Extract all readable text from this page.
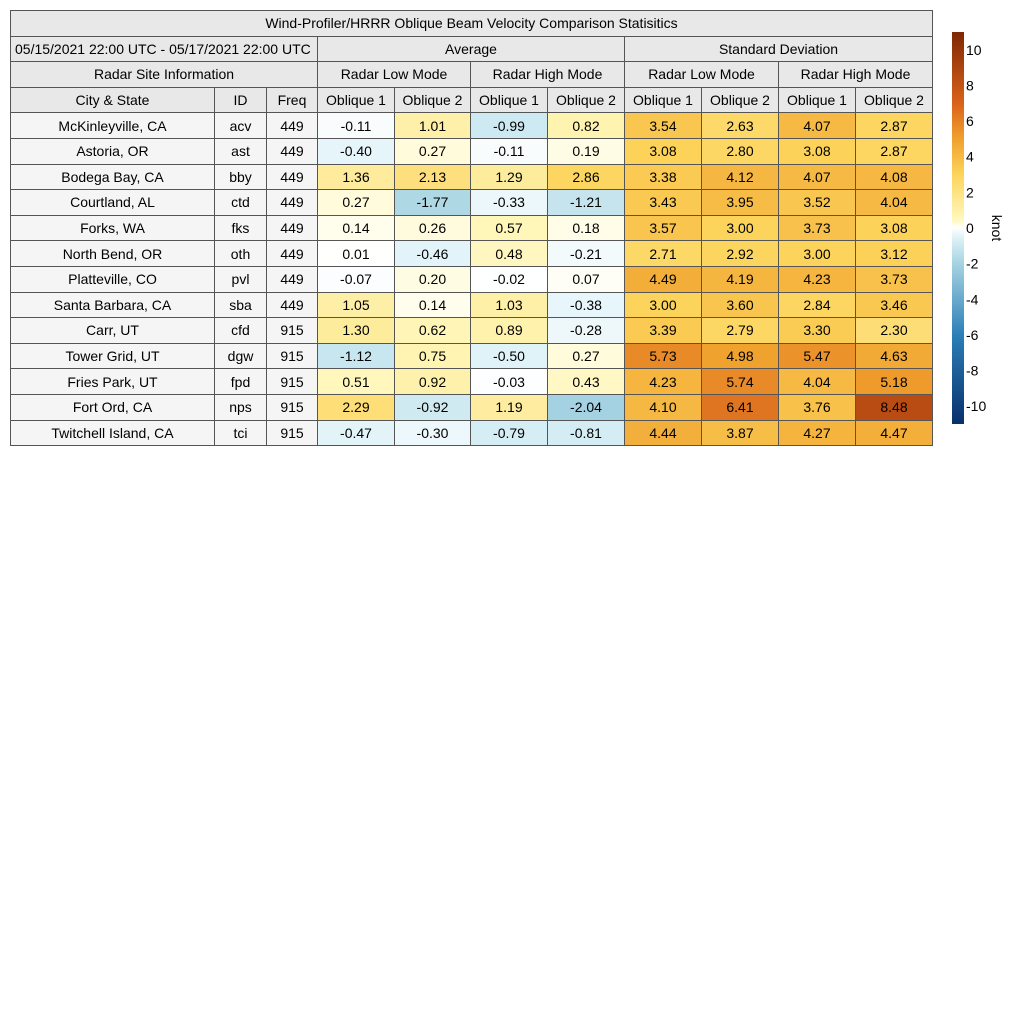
Wind-Profiler/HRRR Oblique Beam Velocity Comparison Statisitics										
05/15/2021 22:00 UTC - 05/17/2021 22:00 UTC			Average				Standard Deviation			
Radar Site Information			Radar Low Mode		Radar High Mode		Radar Low Mode		Radar High Mode	
City & State	ID	Freq	Oblique 1	Oblique 2	Oblique 1	Oblique 2	Oblique 1	Oblique 2	Oblique 1	Oblique 2
McKinleyville, CA	acv	449	-0.11	1.01	-0.99	0.82	3.54	2.63	4.07	2.87
Astoria, OR	ast	449	-0.40	0.27	-0.11	0.19	3.08	2.80	3.08	2.87
Bodega Bay, CA	bby	449	1.36	2.13	1.29	2.86	3.38	4.12	4.07	4.08
Courtland, AL	ctd	449	0.27	-1.77	-0.33	-1.21	3.43	3.95	3.52	4.04
Forks, WA	fks	449	0.14	0.26	0.57	0.18	3.57	3.00	3.73	3.08
North Bend, OR	oth	449	0.01	-0.46	0.48	-0.21	2.71	2.92	3.00	3.12
Platteville, CO	pvl	449	-0.07	0.20	-0.02	0.07	4.49	4.19	4.23	3.73
Santa Barbara, CA	sba	449	1.05	0.14	1.03	-0.38	3.00	3.60	2.84	3.46
Carr, UT	cfd	915	1.30	0.62	0.89	-0.28	3.39	2.79	3.30	2.30
Tower Grid, UT	dgw	915	-1.12	0.75	-0.50	0.27	5.73	4.98	5.47	4.63
Fries Park, UT	fpd	915	0.51	0.92	-0.03	0.43	4.23	5.74	4.04	5.18
Fort Ord, CA	nps	915	2.29	-0.92	1.19	-2.04	4.10	6.41	3.76	8.48
Twitchell Island, CA	tci	915	-0.47	-0.30	-0.79	-0.81	4.44	3.87	4.27	4.47
10
8
6
4
2
0
-2
-4
-6
-8
-10
knot
